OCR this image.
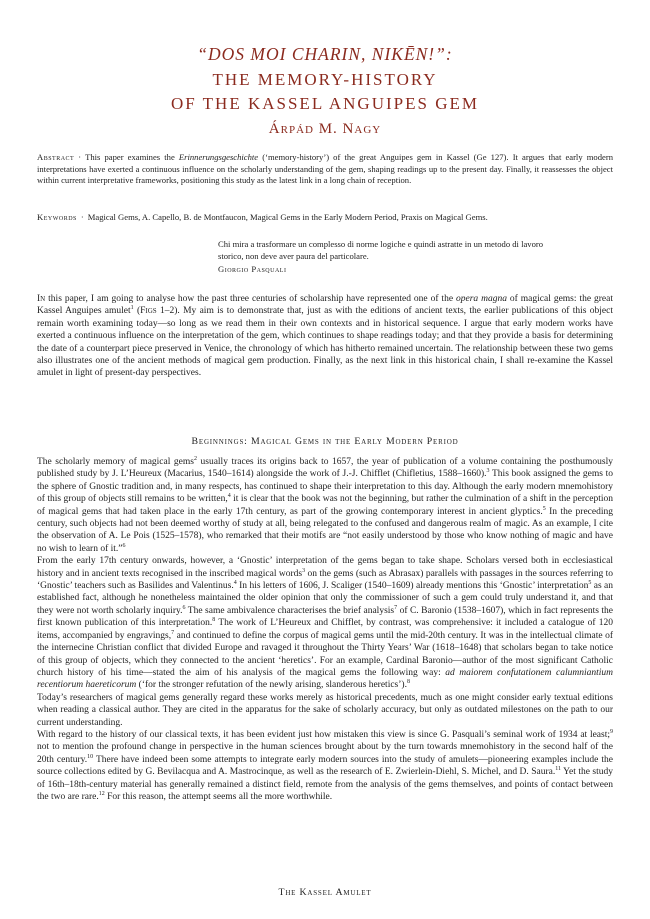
“DOS MOI CHARIN, NIKĒN!”:
THE MEMORY-HISTORY
OF THE KASSEL ANGUIPES GEM
Árpád M. Nagy
Abstract · This paper examines the Erinnerungsgeschichte (‘memory-history’) of the great Anguipes gem in Kassel (Ge 127). It argues that early modern interpretations have exerted a continuous influence on the scholarly understanding of the gem, shaping readings up to the present day. Finally, it reassesses the object within current interpretative frameworks, positioning this study as the latest link in a long chain of reception.
Keywords · Magical Gems, A. Capello, B. de Montfaucon, Magical Gems in the Early Modern Period, Praxis on Magical Gems.
Chi mira a trasformare un complesso di norme logiche e quindi astratte in un metodo di lavoro storico, non deve aver paura del particolare.
Giorgio Pasquali

In this paper, I am going to analyse how the past three centuries of scholarship have represented one of the opera magna of magical gems: the great Kassel Anguipes amulet$^1$ (Figs 1–2). My aim is to demonstrate that, just as with the editions of ancient texts, the earlier publications of this object remain worth examining today—so long as we read them in their own contexts and in historical sequence. I argue that early modern works have exerted a continuous influence on the interpretation of the gem, which continues to shape readings today; and that they provide a basis for determining the date of a counterpart piece preserved in Venice, the chronology of which has hitherto remained uncertain. The relationship between these two gems also illustrates one of the ancient methods of magical gem production. Finally, as the next link in this historical chain, I shall re-examine the Kassel amulet in light of present-day perspectives.

Beginnings: Magical Gems in the Early Modern Period

The scholarly memory of magical gems$^2$ usually traces its origins back to 1657, the year of publication of a volume containing the posthumously published study by J. L’Heureux (Macarius, 1540–1614) alongside the work of J.-J. Chifflet (Chifletius, 1588–1660).$^3$ This book assigned the gems to the sphere of Gnostic tradition and, in many respects, has continued to shape their interpretation to this day. Although the early modern mnemohistory of this group of objects still remains to be written,$^4$ it is clear that the book was not the beginning, but rather the culmination of a shift in the perception of magical gems that had taken place in the early 17th century, as part of the growing contemporary interest in ancient glyptics.$^5$ In the preceding century, such objects had not been deemed worthy of study at all, being relegated to the confused and dangerous realm of magic. As an example, I cite the observation of A. Le Pois (1525–1578), who remarked that their motifs are “not easily understood by those who know nothing of magic and have no wish to learn of it.”$^6$

From the early 17th century onwards, however, a ‘Gnostic’ interpretation of the gems began to take shape. Scholars versed both in ecclesiastical history and in ancient texts recognised in the inscribed magical words$^3$ on the gems (such as Abrasax) parallels with passages in the sources referring to ‘Gnostic’ teachers such as Basilides and Valentinus.$^4$ In his letters of 1606, J. Scaliger (1540–1609) already mentions this ‘Gnostic’ interpretation$^5$ as an established fact, although he nonetheless maintained the older opinion that only the commissioner of such a gem could truly understand it, and that they were not worth scholarly inquiry.$^6$ The same ambivalence characterises the brief analysis$^7$ of C. Baronio (1538–1607), which in fact represents the first known publication of this interpretation.$^8$ The work of L’Heureux and Chifflet, by contrast, was comprehensive: it included a catalogue of 120 items, accompanied by engravings,$^7$ and continued to define the corpus of magical gems until the mid-20th century. It was in the intellectual climate of the internecine Christian conflict that divided Europe and ravaged it throughout the Thirty Years’ War (1618–1648) that scholars began to take notice of this group of objects, which they connected to the ancient ‘heretics’. For an example, Cardinal Baronio—author of the most significant Catholic church history of his time—stated the aim of his analysis of the magical gems the following way: ad maiorem confutationem calumniantium recentiorum haereticorum (‘for the stronger refutation of the newly arising, slanderous heretics’).$^8$

Today’s researchers of magical gems generally regard these works merely as historical precedents, much as one might consider early textual editions when reading a classical author. They are cited in the apparatus for the sake of scholarly accuracy, but only as outdated milestones on the path to our current understanding.

With regard to the history of our classical texts, it has been evident just how mistaken this view is since G. Pasquali’s seminal work of 1934 at least;$^9$ not to mention the profound change in perspective in the human sciences brought about by the turn towards mnemohistory in the second half of the 20th century.$^{10}$ There have indeed been some attempts to integrate early modern sources into the study of amulets—pioneering examples include the source collections edited by G. Bevilacqua and A. Mastrocinque, as well as the research of E. Zwierlein-Diehl, S. Michel, and D. Saura.$^{11}$ Yet the study of 16th–18th-century material has generally remained a distinct field, remote from the analysis of the gems themselves, and points of contact between the two are rare.$^{12}$ For this reason, the attempt seems all the more worthwhile.

The Kassel Amulet
